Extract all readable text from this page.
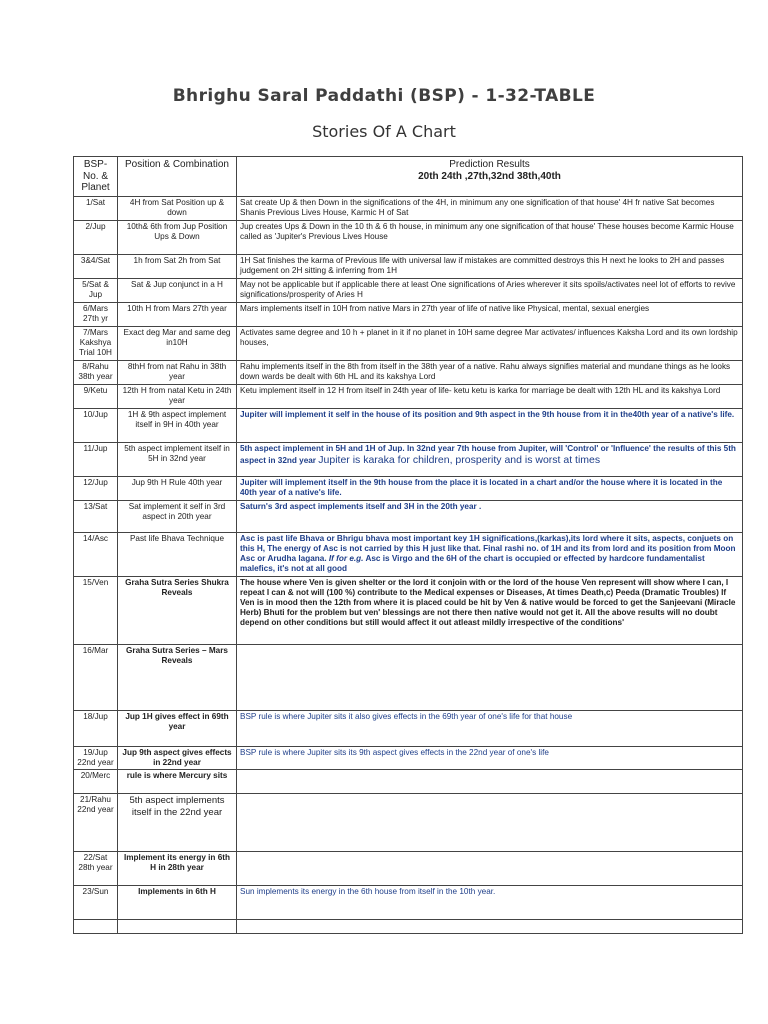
Bhrighu Saral Paddathi (BSP) - 1-32-TABLE
Stories Of A Chart
BSP- No. & Planet	Position & Combination	Prediction Results
20th 24th ,27th,32nd 38th,40th

1/Sat	4H from Sat Position up & down	Sat create Up & then Down in the significations of the 4H, in minimum any one signification of that house' 4H fr native Sat becomes Shanis Previous Lives House, Karmic H of Sat
2/Jup	10th& 6th from Jup Position Ups & Down	Jup creates Ups & Down in the 10 th & 6 th house, in minimum any one signification of that house' These houses become Karmic House called as 'Jupiter's Previous Lives House
3&4/Sat	1h from Sat 2h from Sat	1H Sat finishes the karma of Previous life with universal law if mistakes are committed destroys this H next he looks to 2H and passes judgement on 2H sitting & inferring from 1H
5/Sat & Jup	Sat & Jup conjunct in a H	May not be applicable but if applicable there at least One significations of Aries wherever it sits spoils/activates neel lot of efforts to revive significations/prosperity of Aries H
6/Mars 27th yr	10th H from Mars 27th year	Mars implements itself in 10H from native Mars in 27th year of life of native like Physical, mental, sexual energies
7/Mars Kakshya Trial 10H	Exact deg Mar and same deg in10H	Activates same degree and 10 h + planet in it if no planet in 10H same degree Mar activates/ influences Kaksha Lord and its own lordship houses,
8/Rahu 38th year	8thH from nat Rahu in 38th year	Rahu implements itself in the 8th from itself in the 38th year of a native. Rahu always signifies material and mundane things as he looks down wards be dealt with 6th HL and its kakshya Lord
9/Ketu	12th H from natal Ketu in 24th year	Ketu implement itself in 12 H from itself in 24th year of life- ketu ketu is karka for marriage be dealt with 12th HL and its kakshya Lord
10/Jup	1H & 9th aspect implement itself in 9H in 40th year	Jupiter will implement it self in the house of its position and 9th aspect in the 9th house from it in the40th year of a native's life.
11/Jup	5th aspect implement itself in 5H in 32nd year	5th aspect implement in 5H and 1H of Jup. In 32nd year 7th house from Jupiter, will 'Control' or 'Influence' the results of this 5th aspect in 32nd year Jupiter is karaka for children, prosperity and is worst at times
12/Jup	Jup 9th H Rule 40th year	Jupiter will implement itself in the 9th house from the place it is located in a chart and/or the house where it is located in the 40th year of a native's life.
13/Sat	Sat implement it self in 3rd aspect in 20th year	Saturn's 3rd aspect implements itself and 3H in the 20th year .
14/Asc	Past life Bhava Technique	Asc is past life Bhava or Bhrigu bhava most important key 1H significations,(karkas),its lord where it sits, aspects, conjuets on this H, The energy of Asc is not carried by this H just like that. Final rashi no. of 1H and its from lord and its position from Moon Asc or Arudha lagana. If for e.g. Asc is Virgo and the 6H of the chart is occupied or effected by hardcore fundamentalist malefics, it's not at all good
15/Ven	Graha Sutra Series Shukra Reveals	The house where Ven is given shelter or the lord it conjoin with or the lord of the house Ven represent will show where I can, I repeat I can & not will (100 %) contribute to the Medical expenses or Diseases, At times Death,c) Peeda (Dramatic Troubles) If Ven is in mood then the 12th from where it is placed could be hit by Ven & native would be forced to get the Sanjeevani (Miracle Herb) Bhuti for the problem but ven' blessings are not there then native would not get it. All the above results will no doubt depend on other conditions but still would affect it out atleast mildly irrespective of the conditions'
16/Mar	Graha Sutra Series – Mars Reveals	

18/Jup	Jup 1H gives effect in 69th year	BSP rule is where Jupiter sits it also gives effects in the 69th year of one's life for that house
19/Jup 22nd year	Jup 9th aspect gives effects in 22nd year	BSP rule is where Jupiter sits its 9th aspect gives effects in the 22nd year of one's life
20/Merc	rule is where Mercury sits	
21/Rahu 22nd year	5th aspect implements itself in the 22nd year	

22/Sat 28th year	Implement its energy in 6th H in 28th year	
23/Sun	Implements in 6th H	Sun implements its energy in the 6th house from itself in the 10th year.
